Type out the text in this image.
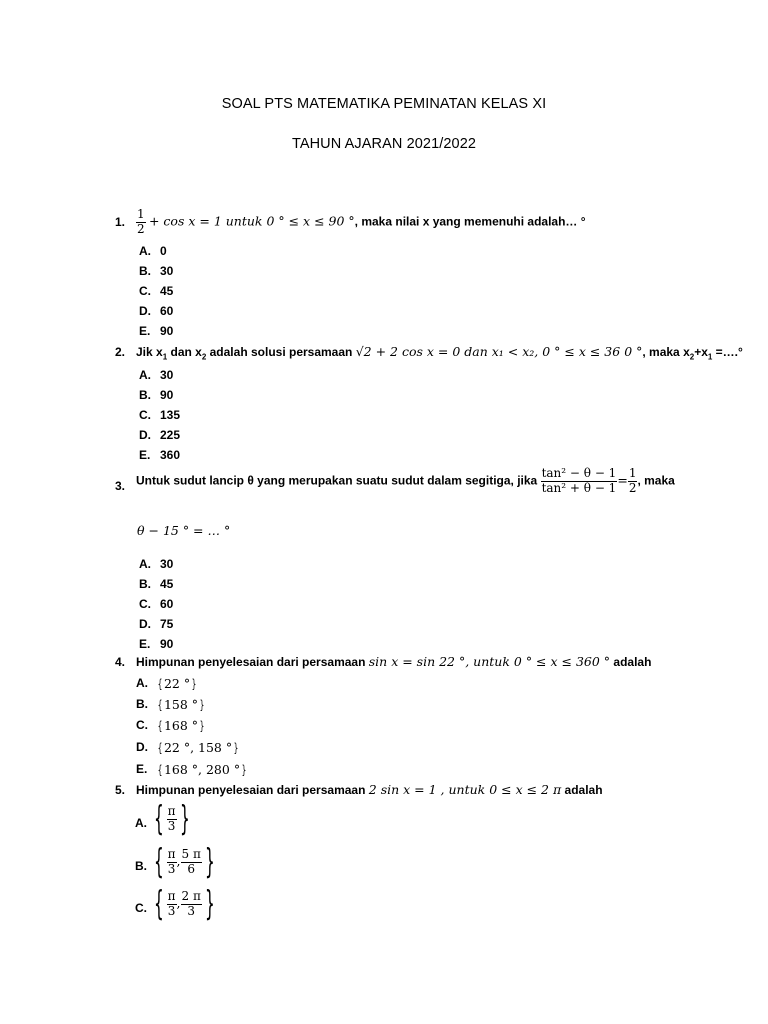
SOAL PTS MATEMATIKA PEMINATAN KELAS XI
TAHUN AJARAN 2021/2022
1. $\frac{1}{2} + \cos x = 1$ untuk 0 ° ≤ x ≤ 90 °, maka nilai x yang memenuhi adalah… °
A. 0
B. 30
C. 45
D. 60
E. 90
2. Jik $x_1$ dan $x_2$ adalah solusi persamaan √2 + 2 cos x = 0 dan x₁ < x₂, 0 ° ≤ x ≤ 36 0 °, maka $x_2+x_1$ =….°
A. 30
B. 90
C. 135
D. 225
E. 360
3. Untuk sudut lancip θ yang merupakan suatu sudut dalam segitiga, jika $\frac{\text{tan² − θ − 1}}{\text{tan² + θ − 1}} = \frac{1}{2}$ , maka
θ − 15 ° = … °
A. 30
B. 45
C. 60
D. 75
E. 90
4. Himpunan penyelesaian dari persamaan sin x = sin 22 °, untuk 0 ° ≤ x ≤ 360 ° adalah
A. { 22 ° }
B. { 158 ° }
C. { 168 ° }
D. { 22 °, 158 ° }
E. { 168 °, 280 ° }
5. Himpunan penyelesaian dari persamaan 2 sin x = 1 , untuk 0 ≤ x ≤ 2 π adalah
A. { $\frac{\pi}{3}$ }
B. { $\frac{\pi}{3}$ , $\frac{5 \pi}{6}$ }
C. { $\frac{\pi}{3}$ , $\frac{2 \pi}{3}$ }
